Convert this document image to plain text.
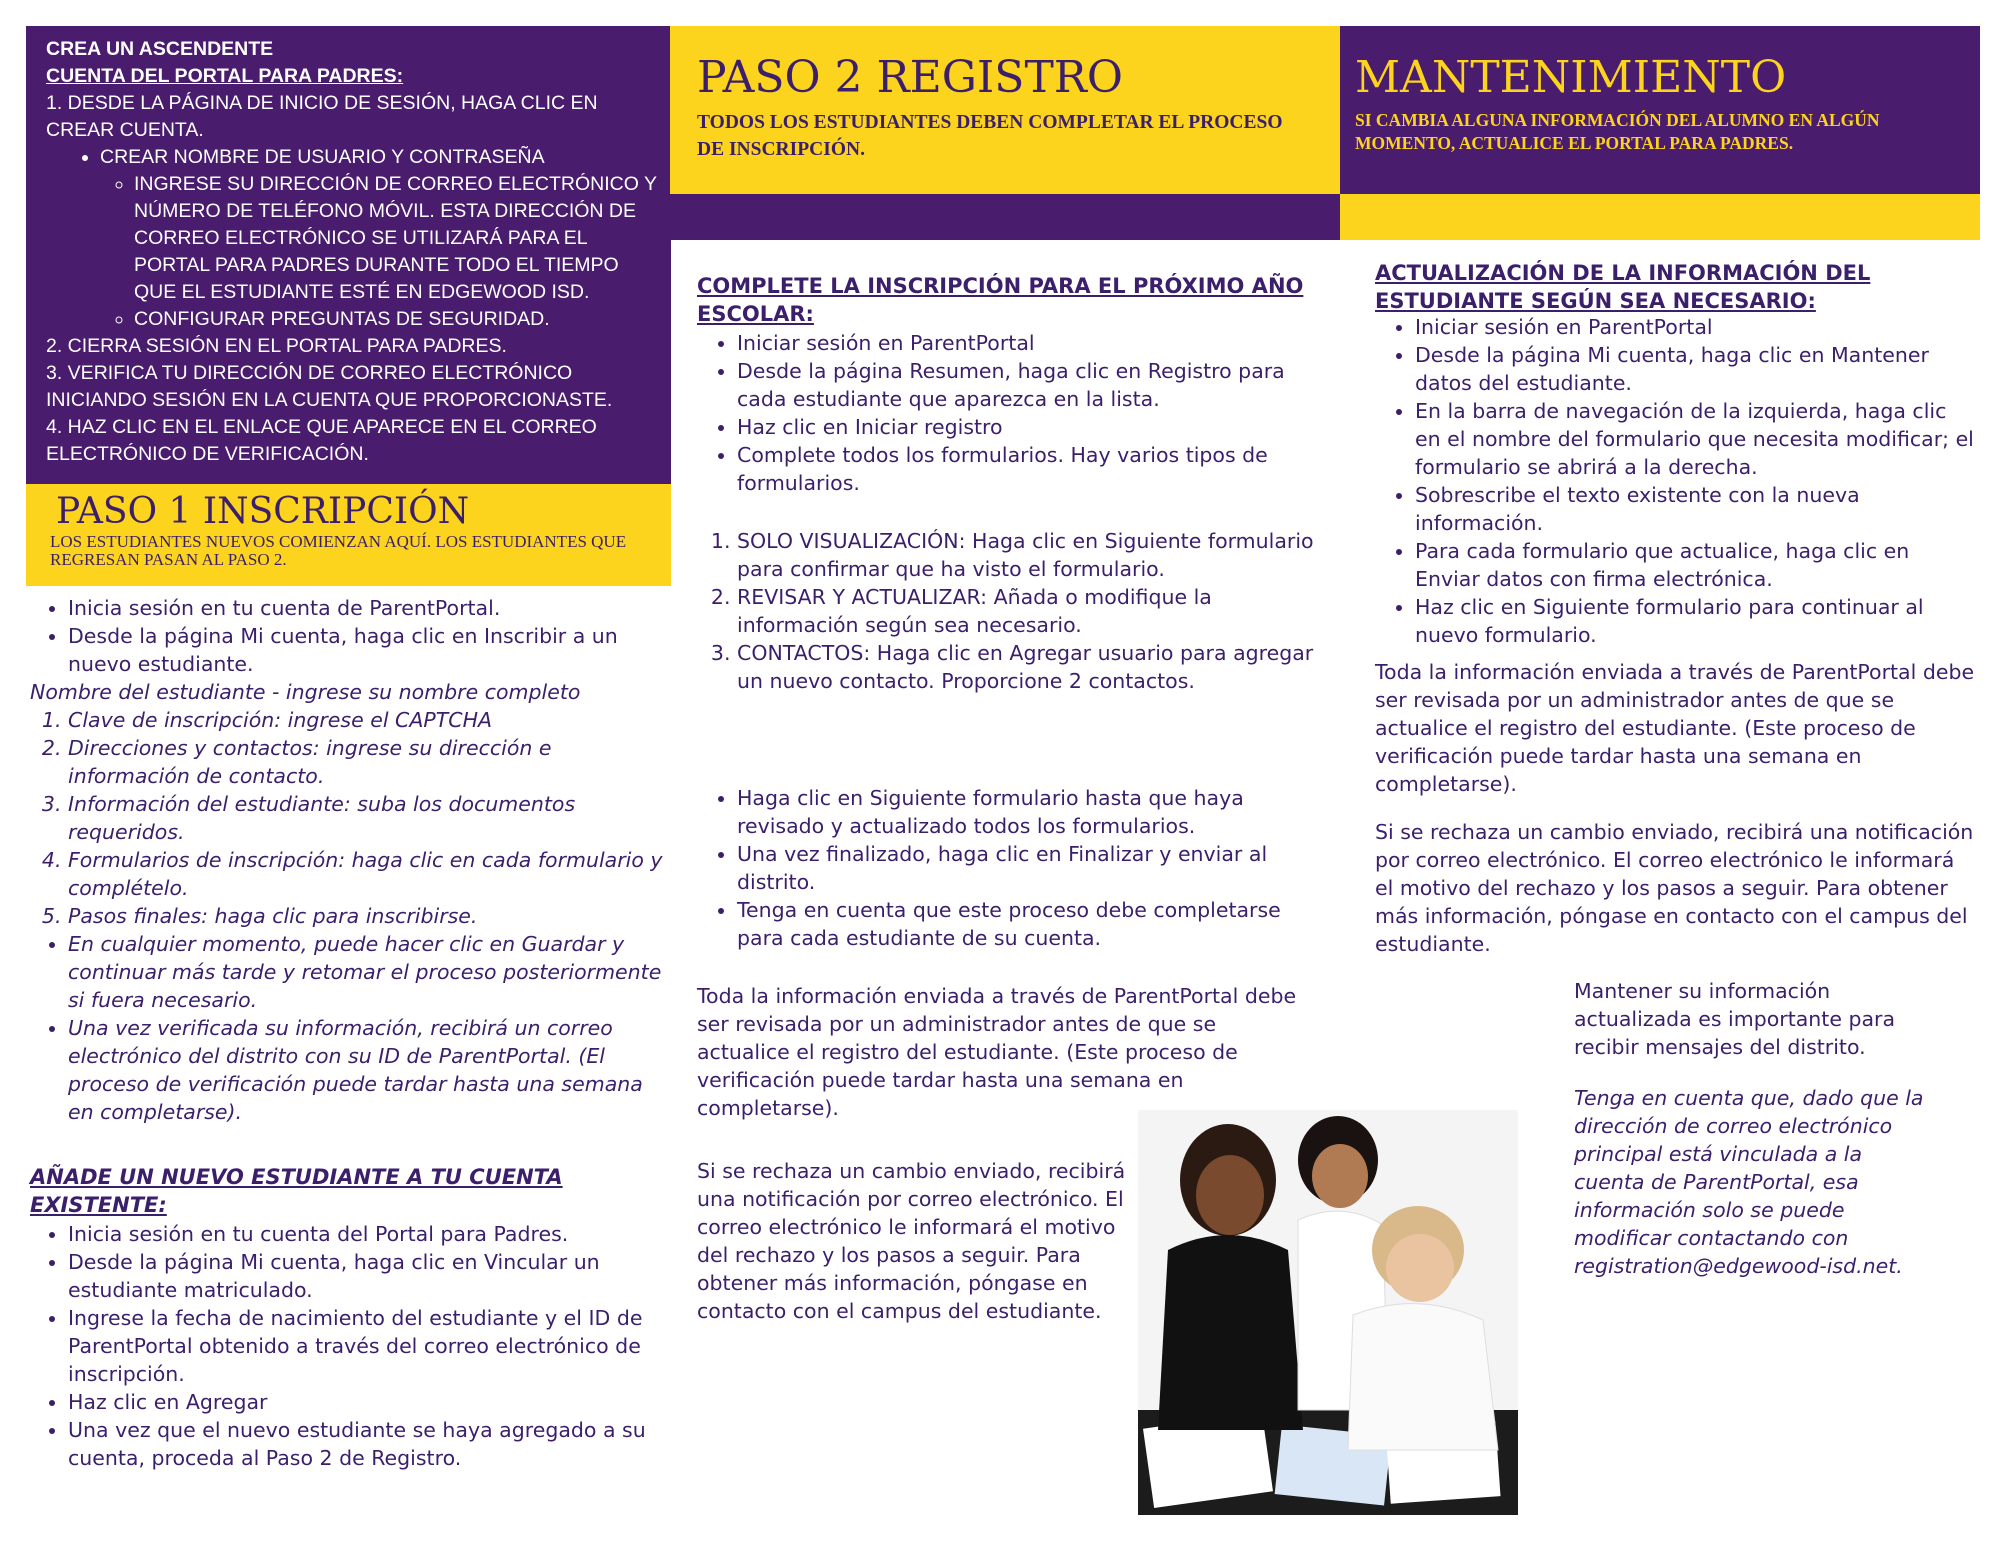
CREA UN ASCENDENTE
CUENTA DEL PORTAL PARA PADRES:
1. DESDE LA PÁGINA DE INICIO DE SESIÓN, HAGA CLIC EN CREAR CUENTA.
• CREAR NOMBRE DE USUARIO Y CONTRASEÑA
◦ INGRESE SU DIRECCIÓN DE CORREO ELECTRÓNICO Y NÚMERO DE TELÉFONO MÓVIL. ESTA DIRECCIÓN DE CORREO ELECTRÓNICO SE UTILIZARÁ PARA EL PORTAL PARA PADRES DURANTE TODO EL TIEMPO QUE EL ESTUDIANTE ESTÉ EN EDGEWOOD ISD.
◦ CONFIGURAR PREGUNTAS DE SEGURIDAD.
2. CIERRA SESIÓN EN EL PORTAL PARA PADRES.
3. VERIFICA TU DIRECCIÓN DE CORREO ELECTRÓNICO INICIANDO SESIÓN EN LA CUENTA QUE PROPORCIONASTE.
4. HAZ CLIC EN EL ENLACE QUE APARECE EN EL CORREO ELECTRÓNICO DE VERIFICACIÓN.
PASO 1 INSCRIPCIÓN
LOS ESTUDIANTES NUEVOS COMIENZAN AQUÍ. LOS ESTUDIANTES QUE REGRESAN PASAN AL PASO 2.
• Inicia sesión en tu cuenta de ParentPortal.
• Desde la página Mi cuenta, haga clic en Inscribir a un nuevo estudiante.
Nombre del estudiante - ingrese su nombre completo
1. Clave de inscripción: ingrese el CAPTCHA
2. Direcciones y contactos: ingrese su dirección e información de contacto.
3. Información del estudiante: suba los documentos requeridos.
4. Formularios de inscripción: haga clic en cada formulario y complételo.
5. Pasos finales: haga clic para inscribirse.
• En cualquier momento, puede hacer clic en Guardar y continuar más tarde y retomar el proceso posteriormente si fuera necesario.
• Una vez verificada su información, recibirá un correo electrónico del distrito con su ID de ParentPortal. (El proceso de verificación puede tardar hasta una semana en completarse).
AÑADE UN NUEVO ESTUDIANTE A TU CUENTA EXISTENTE:
• Inicia sesión en tu cuenta del Portal para Padres.
• Desde la página Mi cuenta, haga clic en Vincular un estudiante matriculado.
• Ingrese la fecha de nacimiento del estudiante y el ID de ParentPortal obtenido a través del correo electrónico de inscripción.
• Haz clic en Agregar
• Una vez que el nuevo estudiante se haya agregado a su cuenta, proceda al Paso 2 de Registro.
PASO 2 REGISTRO
TODOS LOS ESTUDIANTES DEBEN COMPLETAR EL PROCESO DE INSCRIPCIÓN.
COMPLETE LA INSCRIPCIÓN PARA EL PRÓXIMO AÑO ESCOLAR:
• Iniciar sesión en ParentPortal
• Desde la página Resumen, haga clic en Registro para cada estudiante que aparezca en la lista.
• Haz clic en Iniciar registro
• Complete todos los formularios. Hay varios tipos de formularios.
1. SOLO VISUALIZACIÓN: Haga clic en Siguiente formulario para confirmar que ha visto el formulario.
2. REVISAR Y ACTUALIZAR: Añada o modifique la información según sea necesario.
3. CONTACTOS: Haga clic en Agregar usuario para agregar un nuevo contacto. Proporcione 2 contactos.
• Haga clic en Siguiente formulario hasta que haya revisado y actualizado todos los formularios.
• Una vez finalizado, haga clic en Finalizar y enviar al distrito.
• Tenga en cuenta que este proceso debe completarse para cada estudiante de su cuenta.
Toda la información enviada a través de ParentPortal debe ser revisada por un administrador antes de que se actualice el registro del estudiante. (Este proceso de verificación puede tardar hasta una semana en completarse).
Si se rechaza un cambio enviado, recibirá una notificación por correo electrónico. El correo electrónico le informará el motivo del rechazo y los pasos a seguir. Para obtener más información, póngase en contacto con el campus del estudiante.
MANTENIMIENTO
SI CAMBIA ALGUNA INFORMACIÓN DEL ALUMNO EN ALGÚN MOMENTO, ACTUALICE EL PORTAL PARA PADRES.
ACTUALIZACIÓN DE LA INFORMACIÓN DEL ESTUDIANTE SEGÚN SEA NECESARIO:
• Iniciar sesión en ParentPortal
• Desde la página Mi cuenta, haga clic en Mantener datos del estudiante.
• En la barra de navegación de la izquierda, haga clic en el nombre del formulario que necesita modificar; el formulario se abrirá a la derecha.
• Sobrescribe el texto existente con la nueva información.
• Para cada formulario que actualice, haga clic en Enviar datos con firma electrónica.
• Haz clic en Siguiente formulario para continuar al nuevo formulario.
Toda la información enviada a través de ParentPortal debe ser revisada por un administrador antes de que se actualice el registro del estudiante. (Este proceso de verificación puede tardar hasta una semana en completarse).
Si se rechaza un cambio enviado, recibirá una notificación por correo electrónico. El correo electrónico le informará el motivo del rechazo y los pasos a seguir. Para obtener más información, póngase en contacto con el campus del estudiante.
Mantener su información actualizada es importante para recibir mensajes del distrito.
Tenga en cuenta que, dado que la dirección de correo electrónico principal está vinculada a la cuenta de ParentPortal, esa información solo se puede modificar contactando con registration@edgewood-isd.net.
